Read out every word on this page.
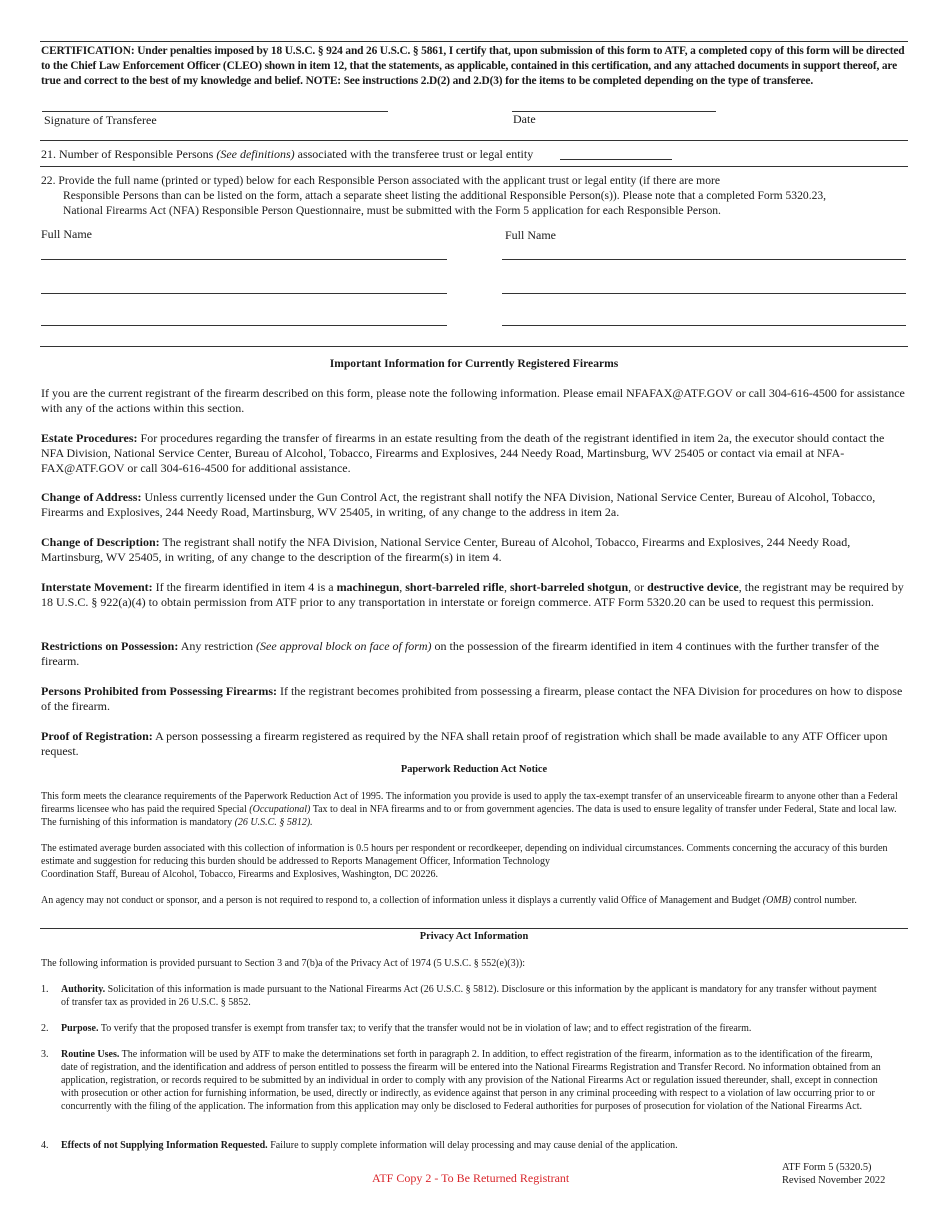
CERTIFICATION: Under penalties imposed by 18 U.S.C. § 924 and 26 U.S.C. § 5861, I certify that, upon submission of this form to ATF, a completed copy of this form will be directed to the Chief Law Enforcement Officer (CLEO) shown in item 12, that the statements, as applicable, contained in this certification, and any attached documents in support thereof, are true and correct to the best of my knowledge and belief. NOTE: See instructions 2.D(2) and 2.D(3) for the items to be completed depending on the type of transferee.

Signature of Transferee	Date
21. Number of Responsible Persons (See definitions) associated with the transferee trust or legal entity
22. Provide the full name (printed or typed) below for each Responsible Person associated with the applicant trust or legal entity (if there are more
Responsible Persons than can be listed on the form, attach a separate sheet listing the additional Responsible Person(s)). Please note that a completed Form 5320.23,
National Firearms Act (NFA) Responsible Person Questionnaire, must be submitted with the Form 5 application for each Responsible Person.
Full Name	Full Name
Important Information for Currently Registered Firearms

If you are the current registrant of the firearm described on this form, please note the following information. Please email NFAFAX@ATF.GOV or call 304-616-4500 for assistance with any of the actions within this section.

Estate Procedures: For procedures regarding the transfer of firearms in an estate resulting from the death of the registrant identified in item 2a, the executor should contact the NFA Division, National Service Center, Bureau of Alcohol, Tobacco, Firearms and Explosives, 244 Needy Road, Martinsburg, WV 25405 or contact via email at NFA-FAX@ATF.GOV or call 304-616-4500 for additional assistance.

Change of Address: Unless currently licensed under the Gun Control Act, the registrant shall notify the NFA Division, National Service Center, Bureau of Alcohol, Tobacco, Firearms and Explosives, 244 Needy Road, Martinsburg, WV 25405, in writing, of any change to the address in item 2a.

Change of Description: The registrant shall notify the NFA Division, National Service Center, Bureau of Alcohol, Tobacco, Firearms and Explosives, 244 Needy Road, Martinsburg, WV 25405, in writing, of any change to the description of the firearm(s) in item 4.

Interstate Movement: If the firearm identified in item 4 is a machinegun, short-barreled rifle, short-barreled shotgun, or destructive device, the registrant may be required by 18 U.S.C. § 922(a)(4) to obtain permission from ATF prior to any transportation in interstate or foreign commerce. ATF Form 5320.20 can be used to request this permission.

Restrictions on Possession: Any restriction (See approval block on face of form) on the possession of the firearm identified in item 4 continues with the further transfer of the firearm.

Persons Prohibited from Possessing Firearms: If the registrant becomes prohibited from possessing a firearm, please contact the NFA Division for procedures on how to dispose of the firearm.

Proof of Registration: A person possessing a firearm registered as required by the NFA shall retain proof of registration which shall be made available to any ATF Officer upon request.

Paperwork Reduction Act Notice

This form meets the clearance requirements of the Paperwork Reduction Act of 1995. The information you provide is used to apply the tax-exempt transfer of an unserviceable firearm to anyone other than a Federal firearms licensee who has paid the required Special (Occupational) Tax to deal in NFA firearms and to or from government agencies. The data is used to ensure legality of transfer under Federal, State and local law. The furnishing of this information is mandatory (26 U.S.C. § 5812).

The estimated average burden associated with this collection of information is 0.5 hours per respondent or recordkeeper, depending on individual circumstances. Comments concerning the accuracy of this burden estimate and suggestion for reducing this burden should be addressed to Reports Management Officer, Information Technology
Coordination Staff, Bureau of Alcohol, Tobacco, Firearms and Explosives, Washington, DC 20226.

An agency may not conduct or sponsor, and a person is not required to respond to, a collection of information unless it displays a currently valid Office of Management and Budget (OMB) control number.

Privacy Act Information

The following information is provided pursuant to Section 3 and 7(b)a of the Privacy Act of 1974 (5 U.S.C. § 552(e)(3)):

1. Authority. Solicitation of this information is made pursuant to the National Firearms Act (26 U.S.C. § 5812). Disclosure or this information by the applicant is mandatory for any transfer without payment of transfer tax as provided in 26 U.S.C. § 5852.

2. Purpose. To verify that the proposed transfer is exempt from transfer tax; to verify that the transfer would not be in violation of law; and to effect registration of the firearm.

3. Routine Uses. The information will be used by ATF to make the determinations set forth in paragraph 2. In addition, to effect registration of the firearm, information as to the identification of the firearm, date of registration, and the identification and address of person entitled to possess the firearm will be entered into the National Firearms Registration and Transfer Record. No information obtained from an application, registration, or records required to be submitted by an individual in order to comply with any provision of the National Firearms Act or regulation issued thereunder, shall, except in connection with prosecution or other action for furnishing information, be used, directly or indirectly, as evidence against that person in any criminal proceeding with respect to a violation of law occurring prior to or concurrently with the filing of the application. The information from this application may only be disclosed to Federal authorities for purposes of prosecution for violation of the National Firearms Act.

4. Effects of not Supplying Information Requested. Failure to supply complete information will delay processing and may cause denial of the application.

ATF Copy 2 - To Be Returned Registrant
ATF Form 5 (5320.5)
Revised November 2022
